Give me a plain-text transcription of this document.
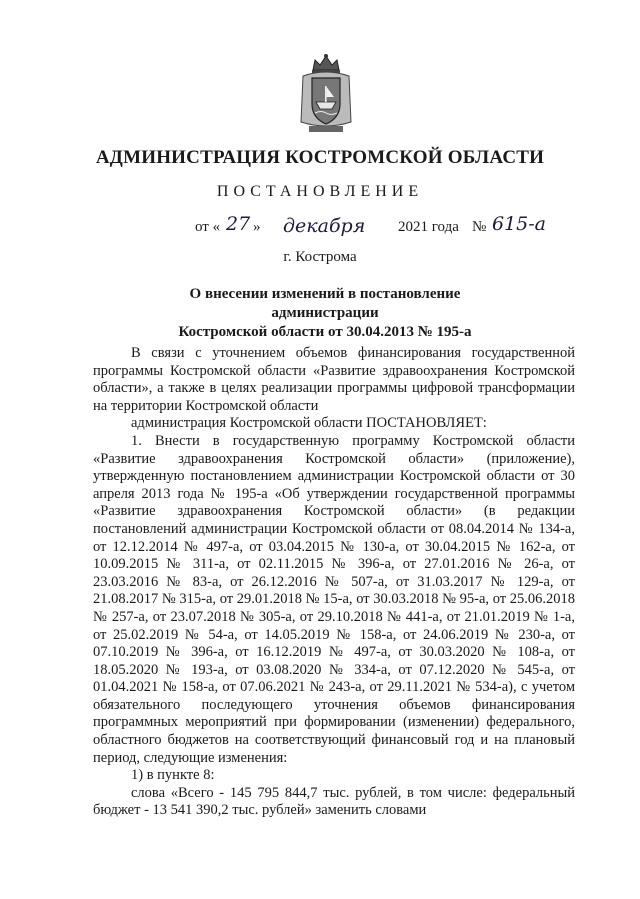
АДМИНИСТРАЦИЯ КОСТРОМСКОЙ ОБЛАСТИ
ПОСТАНОВЛЕНИЕ
от « 27 » декабря 2021 года № 615-а
г. Кострома
О внесении изменений в постановление администрации
Костромской области от 30.04.2013 № 195-а

В связи с уточнением объемов финансирования государственной программы Костромской области «Развитие здравоохранения Костромской области», а также в целях реализации программы цифровой трансформации на территории Костромской области

администрация Костромской области ПОСТАНОВЛЯЕТ:

1. Внести в государственную программу Костромской области «Развитие здравоохранения Костромской области» (приложение), утвержденную постановлением администрации Костромской области от 30 апреля 2013 года № 195-а «Об утверждении государственной программы «Развитие здравоохранения Костромской области» (в редакции постановлений администрации Костромской области от 08.04.2014 № 134-а, от 12.12.2014 № 497-а, от 03.04.2015 № 130-а, от 30.04.2015 № 162-а, от 10.09.2015 № 311-а, от 02.11.2015 № 396-а, от 27.01.2016 № 26-а, от 23.03.2016 № 83-а, от 26.12.2016 № 507-а, от 31.03.2017 № 129-а, от 21.08.2017 № 315-а, от 29.01.2018 № 15-а, от 30.03.2018 № 95-а, от 25.06.2018 № 257-а, от 23.07.2018 № 305-а, от 29.10.2018 № 441-а, от 21.01.2019 № 1-а, от 25.02.2019 № 54-а, от 14.05.2019 № 158-а, от 24.06.2019 № 230-а, от 07.10.2019 № 396-а, от 16.12.2019 № 497-а, от 30.03.2020 № 108-а, от 18.05.2020 № 193-а, от 03.08.2020 № 334-а, от 07.12.2020 № 545-а, от 01.04.2021 № 158-а, от 07.06.2021 № 243-а, от 29.11.2021 № 534-а), с учетом обязательного последующего уточнения объемов финансирования программных мероприятий при формировании (изменении) федерального, областного бюджетов на соответствующий финансовый год и на плановый период, следующие изменения:

1) в пункте 8:

слова «Всего - 145 795 844,7 тыс. рублей, в том числе: федеральный бюджет - 13 541 390,2 тыс. рублей» заменить словами
